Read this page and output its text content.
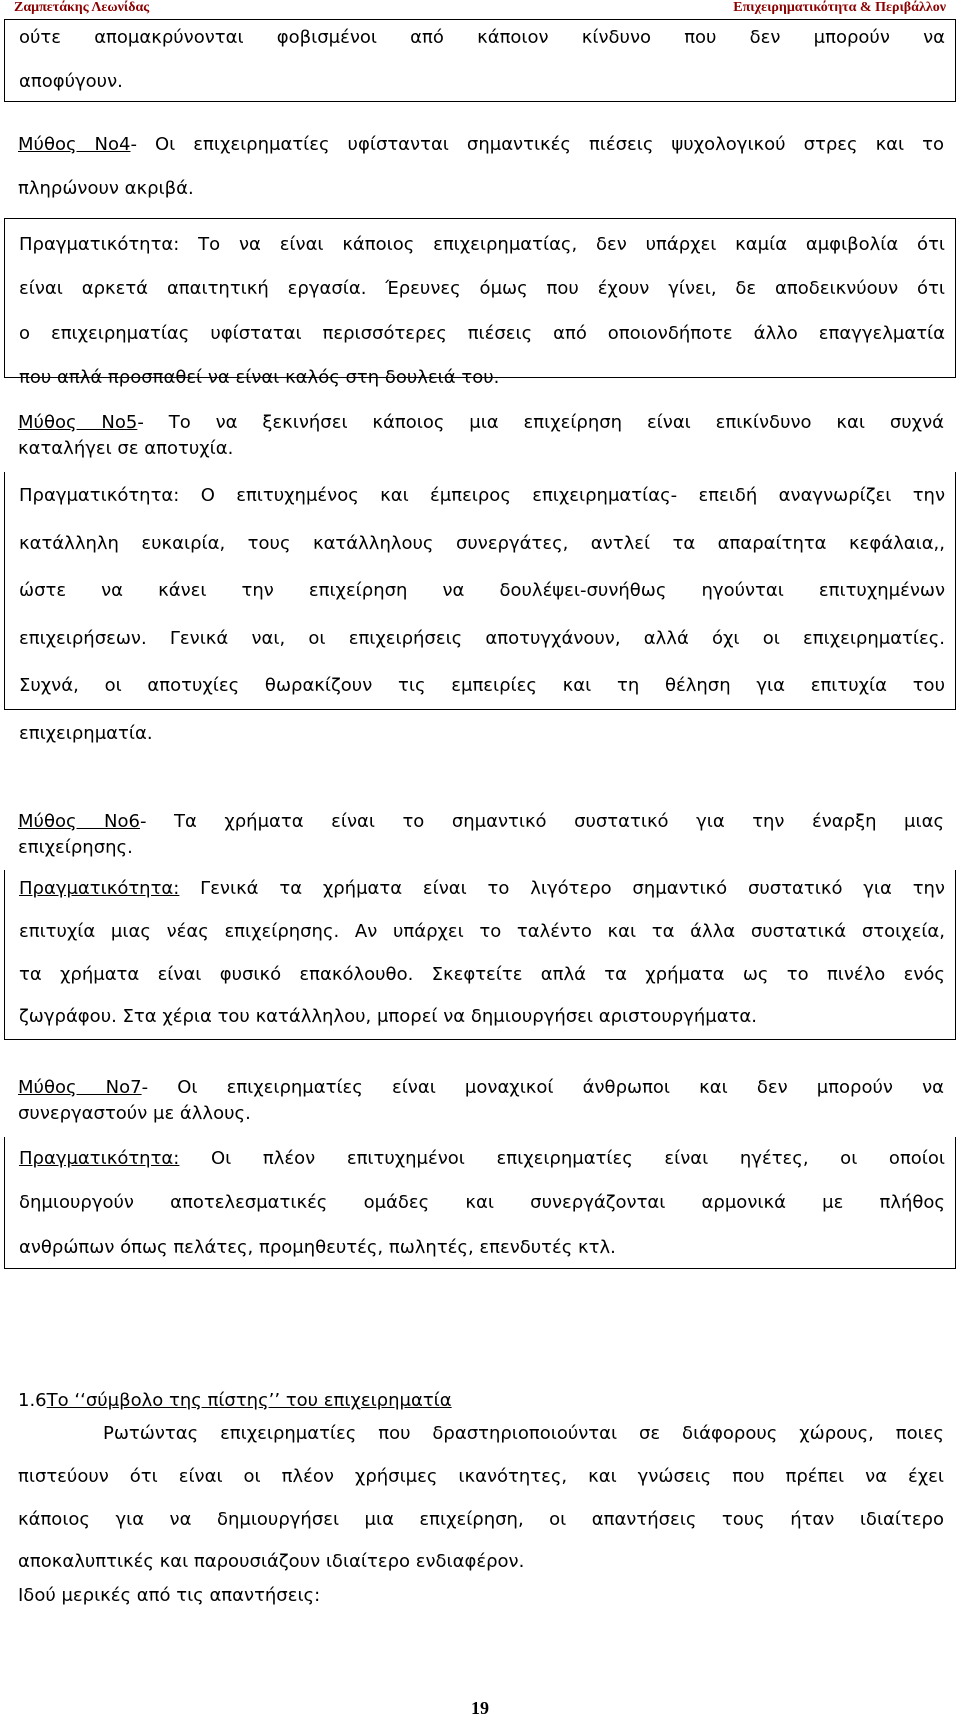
Ζαμπετάκης Λεωνίδας	Επιχειρηματικότητα & Περιβάλλον

ούτε απομακρύνονται φοβισμένοι από κάποιον κίνδυνο που δεν μπορούν να
αποφύγουν.

Μύθος Νο4- Οι επιχειρηματίες υφίστανται σημαντικές πιέσεις ψυχολογικού στρες και το
πληρώνουν ακριβά.

Πραγματικότητα: Το να είναι κάποιος επιχειρηματίας, δεν υπάρχει καμία αμφιβολία ότι
είναι αρκετά απαιτητική εργασία. Έρευνες όμως που έχουν γίνει, δε αποδεικνύουν ότι
ο επιχειρηματίας υφίσταται περισσότερες πιέσεις από οποιονδήποτε άλλο επαγγελματία
που απλά προσπαθεί να είναι καλός στη δουλειά του.

Μύθος Νο5- Το να ξεκινήσει κάποιος μια επιχείρηση είναι επικίνδυνο και συχνά
καταλήγει σε αποτυχία.

Πραγματικότητα: Ο επιτυχημένος και έμπειρος επιχειρηματίας- επειδή αναγνωρίζει την
κατάλληλη ευκαιρία, τους κατάλληλους συνεργάτες, αντλεί τα απαραίτητα κεφάλαια,,
ώστε να κάνει την επιχείρηση να δουλέψει-συνήθως ηγούνται επιτυχημένων
επιχειρήσεων. Γενικά ναι, οι επιχειρήσεις αποτυγχάνουν, αλλά όχι οι επιχειρηματίες.
Συχνά, οι αποτυχίες θωρακίζουν τις εμπειρίες και τη θέληση για επιτυχία του
επιχειρηματία.

Μύθος Νο6- Τα χρήματα είναι το σημαντικό συστατικό για την έναρξη μιας
επιχείρησης.

Πραγματικότητα: Γενικά τα χρήματα είναι το λιγότερο σημαντικό συστατικό για την
επιτυχία μιας νέας επιχείρησης. Αν υπάρχει το ταλέντο και τα άλλα συστατικά στοιχεία,
τα χρήματα είναι φυσικό επακόλουθο. Σκεφτείτε απλά τα χρήματα ως το πινέλο ενός
ζωγράφου. Στα χέρια του κατάλληλου, μπορεί να δημιουργήσει αριστουργήματα.

Μύθος Νο7- Οι επιχειρηματίες είναι μοναχικοί άνθρωποι και δεν μπορούν να
συνεργαστούν με άλλους.

Πραγματικότητα: Οι πλέον επιτυχημένοι επιχειρηματίες είναι ηγέτες, οι οποίοι
δημιουργούν αποτελεσματικές ομάδες και συνεργάζονται αρμονικά με πλήθος
ανθρώπων όπως πελάτες, προμηθευτές, πωλητές, επενδυτές κτλ.

1.6Το ‘‘σύμβολο της πίστης’’ του επιχειρηματία

Ρωτώντας επιχειρηματίες που δραστηριοποιούνται σε διάφορους χώρους, ποιες
πιστεύουν ότι είναι οι πλέον χρήσιμες ικανότητες, και γνώσεις που πρέπει να έχει
κάποιος για να δημιουργήσει μια επιχείρηση, οι απαντήσεις τους ήταν ιδιαίτερο
αποκαλυπτικές και παρουσιάζουν ιδιαίτερο ενδιαφέρον.

Ιδού μερικές από τις απαντήσεις:
19
